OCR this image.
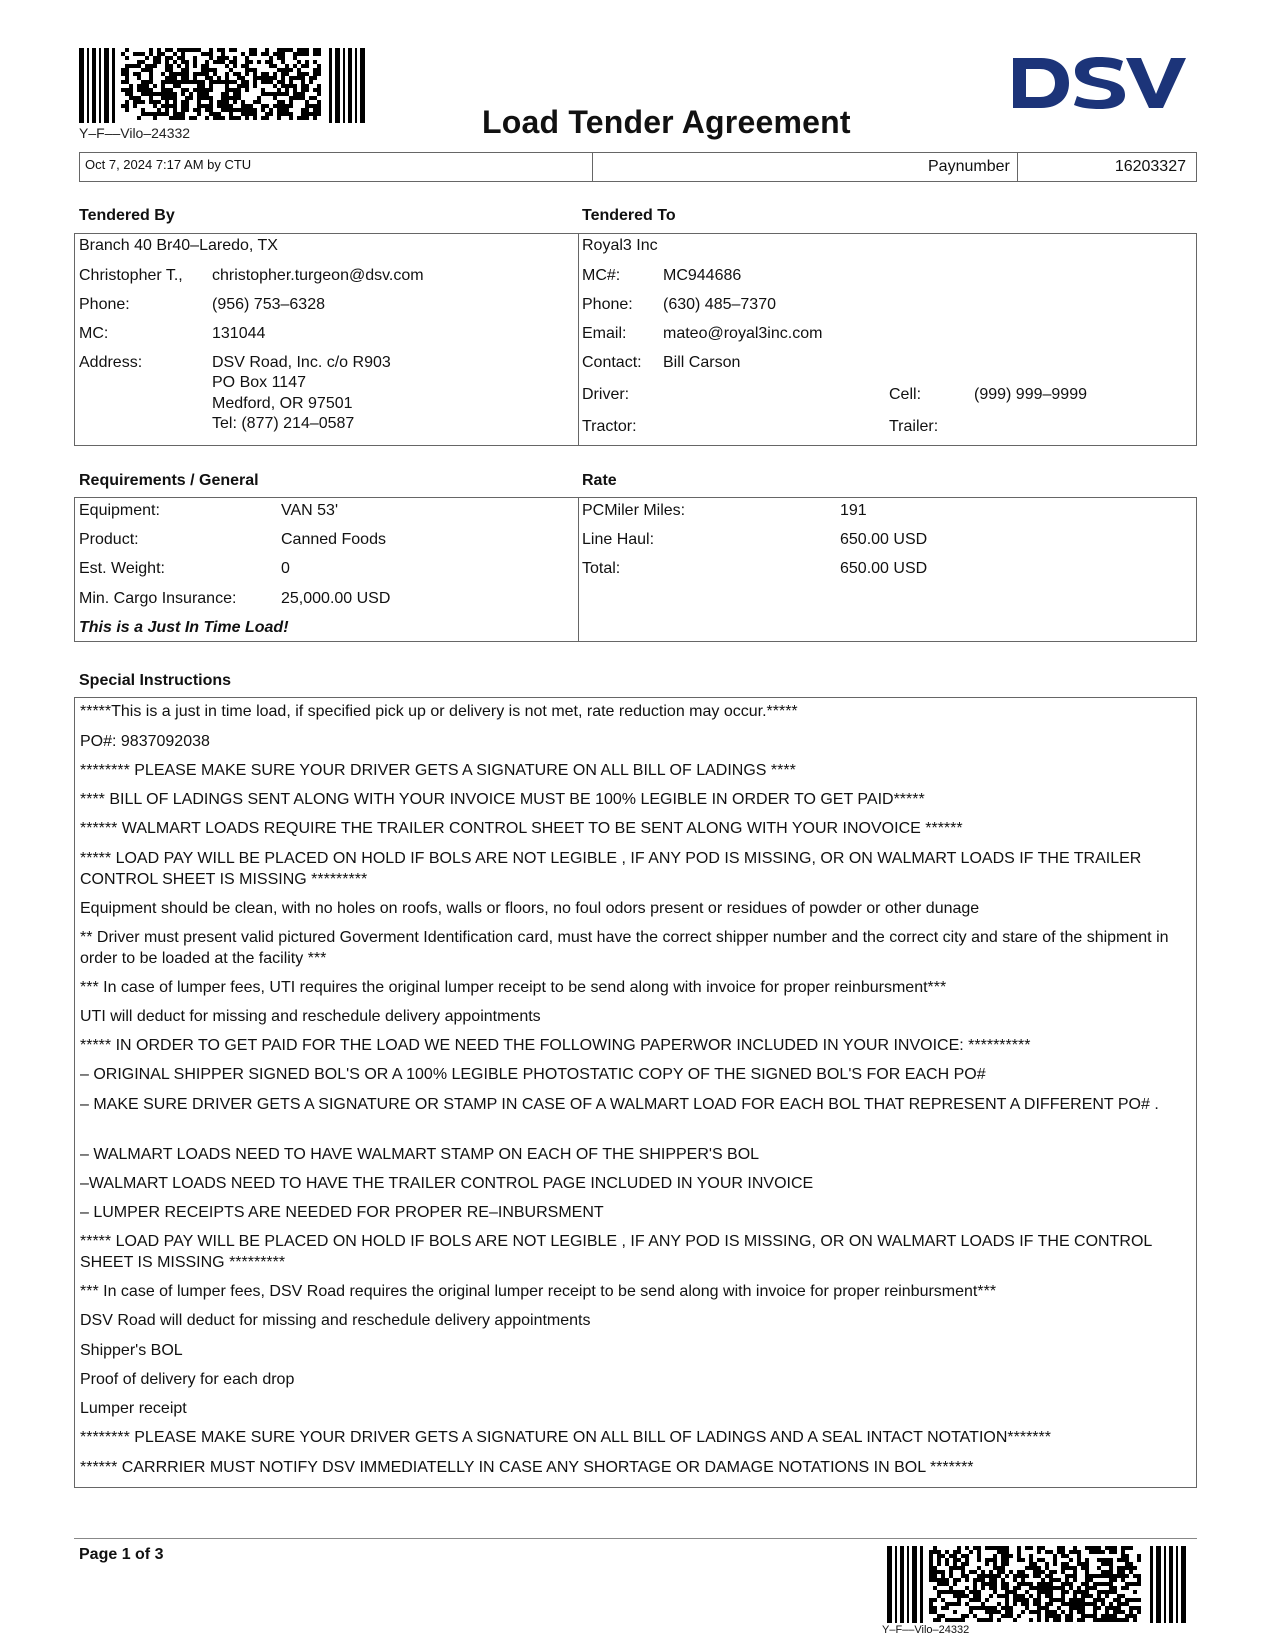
Y–F––Vilo–24332	Load Tender Agreement
Oct 7, 2024 7:17 AM by CTU	Paynumber	16203327
Tendered By	Tendered To
Branch 40 Br40–Laredo, TX
Christopher T., christopher.turgeon@dsv.com
Phone:	(956) 753–6328
MC:	131044
Address:	DSV Road, Inc. c/o R903
PO Box 1147
Medford, OR 97501
Tel: (877) 214–0587
Royal3 Inc
MC#:	MC944686
Phone: (630) 485–7370
Email: mateo@royal3inc.com
Contact: Bill Carson
Driver:	Cell:	(999) 999–9999
Tractor:	Trailer:
Requirements / General	Rate
Equipment:	VAN 53'
Product:	Canned Foods
Est. Weight:	0
Min. Cargo Insurance:	25,000.00 USD
This is a Just In Time Load!
PCMiler Miles:	191
Line Haul:	650.00 USD
Total:	650.00 USD
Special Instructions
*****This is a just in time load, if specified pick up or delivery is not met, rate reduction may occur.*****
PO#: 9837092038
******** PLEASE MAKE SURE YOUR DRIVER GETS A SIGNATURE ON ALL BILL OF LADINGS ****
**** BILL OF LADINGS SENT ALONG WITH YOUR INVOICE MUST BE 100% LEGIBLE IN ORDER TO GET PAID*****
****** WALMART LOADS REQUIRE THE TRAILER CONTROL SHEET TO BE SENT ALONG WITH YOUR INOVOICE ******
***** LOAD PAY WILL BE PLACED ON HOLD IF BOLS ARE NOT LEGIBLE , IF ANY POD IS MISSING, OR ON WALMART LOADS IF THE TRAILER CONTROL SHEET IS MISSING *********
Equipment should be clean, with no holes on roofs, walls or floors, no foul odors present or residues of powder or other dunage
** Driver must present valid pictured Goverment Identification card, must have the correct shipper number and the correct city and stare of the shipment in order to be loaded at the facility ***
*** In case of lumper fees, UTI requires the original lumper receipt to be send along with invoice for proper reinbursment***
UTI will deduct for missing and reschedule delivery appointments
***** IN ORDER TO GET PAID FOR THE LOAD WE NEED THE FOLLOWING PAPERWOR INCLUDED IN YOUR INVOICE: **********
– ORIGINAL SHIPPER SIGNED BOL'S OR A 100% LEGIBLE PHOTOSTATIC COPY OF THE SIGNED BOL'S FOR EACH PO#
– MAKE SURE DRIVER GETS A SIGNATURE OR STAMP IN CASE OF A WALMART LOAD FOR EACH BOL THAT REPRESENT A DIFFERENT PO# .
– WALMART LOADS NEED TO HAVE WALMART STAMP ON EACH OF THE SHIPPER'S BOL
–WALMART LOADS NEED TO HAVE THE TRAILER CONTROL PAGE INCLUDED IN YOUR INVOICE
– LUMPER RECEIPTS ARE NEEDED FOR PROPER RE–INBURSMENT
***** LOAD PAY WILL BE PLACED ON HOLD IF BOLS ARE NOT LEGIBLE , IF ANY POD IS MISSING, OR ON WALMART LOADS IF THE CONTROL SHEET IS MISSING *********
*** In case of lumper fees, DSV Road requires the original lumper receipt to be send along with invoice for proper reinbursment***
DSV Road will deduct for missing and reschedule delivery appointments
Shipper's BOL
Proof of delivery for each drop
Lumper receipt
******** PLEASE MAKE SURE YOUR DRIVER GETS A SIGNATURE ON ALL BILL OF LADINGS AND A SEAL INTACT NOTATION*******
****** CARRRIER MUST NOTIFY DSV IMMEDIATELLY IN CASE ANY SHORTAGE OR DAMAGE NOTATIONS IN BOL *******
Page 1 of 3
Y–F––Vilo–24332
